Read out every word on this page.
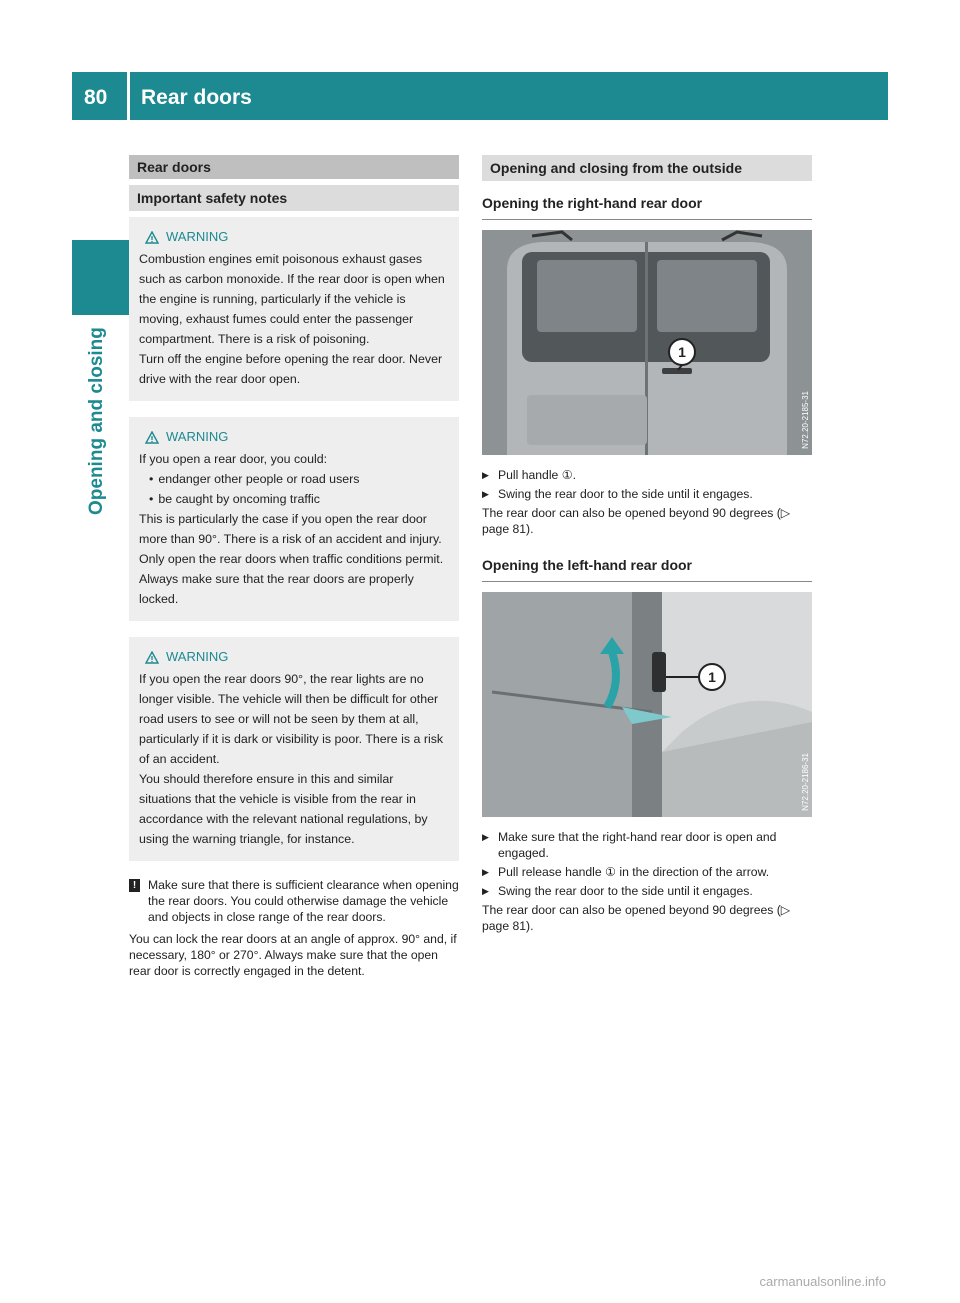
80 Rear doors
Opening and closing
Rear doors
Important safety notes
WARNING

Combustion engines emit poisonous exhaust gases such as carbon monoxide. If the rear door is open when the engine is running, particularly if the vehicle is moving, exhaust fumes could enter the passenger compartment. There is a risk of poisoning.

Turn off the engine before opening the rear door. Never drive with the rear door open.

WARNING

If you open a rear door, you could:

• endanger other people or road users
• be caught by oncoming traffic

This is particularly the case if you open the rear door more than 90°. There is a risk of an accident and injury.

Only open the rear doors when traffic conditions permit. Always make sure that the rear doors are properly locked.

WARNING

If you open the rear doors 90°, the rear lights are no longer visible. The vehicle will then be difficult for other road users to see or will not be seen by them at all, particularly if it is dark or visibility is poor. There is a risk of an accident.

You should therefore ensure in this and similar situations that the vehicle is visible from the rear in accordance with the relevant national regulations, by using the warning triangle, for instance.

! Make sure that there is sufficient clearance when opening the rear doors. You could otherwise damage the vehicle and objects in close range of the rear doors.

You can lock the rear doors at an angle of approx. 90° and, if necessary, 180° or 270°. Always make sure that the open rear door is correctly engaged in the detent.

Opening and closing from the outside
Opening the right-hand rear door
1
N72.20-2185-31
▶ Pull handle ①.
▶ Swing the rear door to the side until it engages.

The rear door can also be opened beyond 90 degrees (▷ page 81).

Opening the left-hand rear door
1
N72.20-2186-31
▶ Make sure that the right-hand rear door is open and engaged.
▶ Pull release handle ① in the direction of the arrow.
▶ Swing the rear door to the side until it engages.

The rear door can also be opened beyond 90 degrees (▷ page 81).

carmanualsonline.info
